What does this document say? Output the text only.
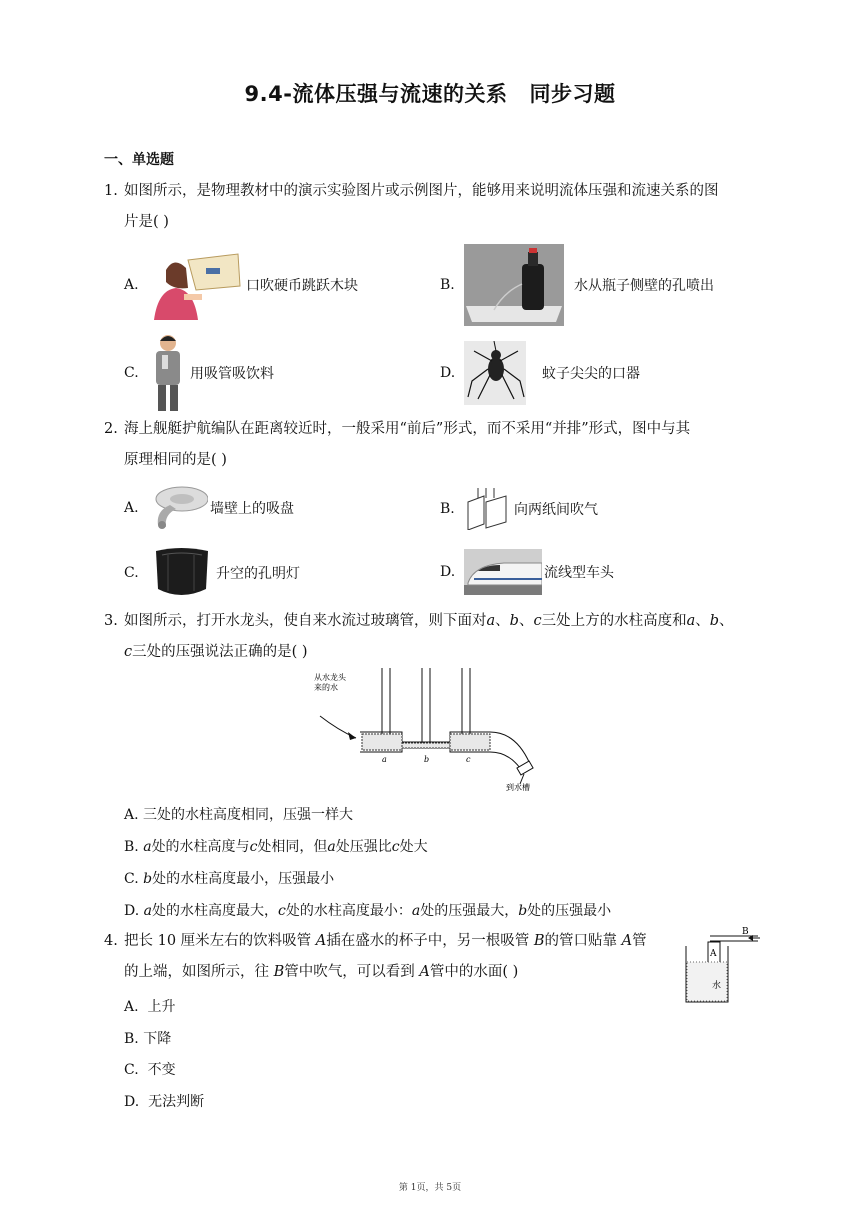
9.4-流体压强与流速的关系 同步习题
一、单选题
1. 如图所示，是物理教材中的演示实验图片或示例图片，能够用来说明流体压强和流速关系的图
片是( )
A.	口吹硬币跳跃木块	B.	水从瓶子侧壁的孔喷出
C.	用吸管吸饮料	D.	蚊子尖尖的口器
2. 海上舰艇护航编队在距离较近时，一般采用“前后”形式，而不采用“并排”形式，图中与其
原理相同的是( )
A.	墙壁上的吸盘	B.	向两纸间吹气
C.	升空的孔明灯	D.	流线型车头
3. 如图所示，打开水龙头，使自来水流过玻璃管，则下面对a、b、c三处上方的水柱高度和a、b、
c三处的压强说法正确的是( )
从水龙头
来的水
a	b	c
到水槽
A. 三处的水柱高度相同，压强一样大
B. a处的水柱高度与c处相同，但a处压强比c处大
C. b处的水柱高度最小，压强最小
D. a处的水柱高度最大，c处的水柱高度最小：a处的压强最大，b处的压强最小
4. 把长 10 厘米左右的饮料吸管 A插在盛水的杯子中，另一根吸管 B的管口贴靠 A管
的上端，如图所示，往 B管中吹气，可以看到 A管中的水面( )
B
A
水
A. 上升
B. 下降
C. 不变
D. 无法判断
第 1页，共 5页
